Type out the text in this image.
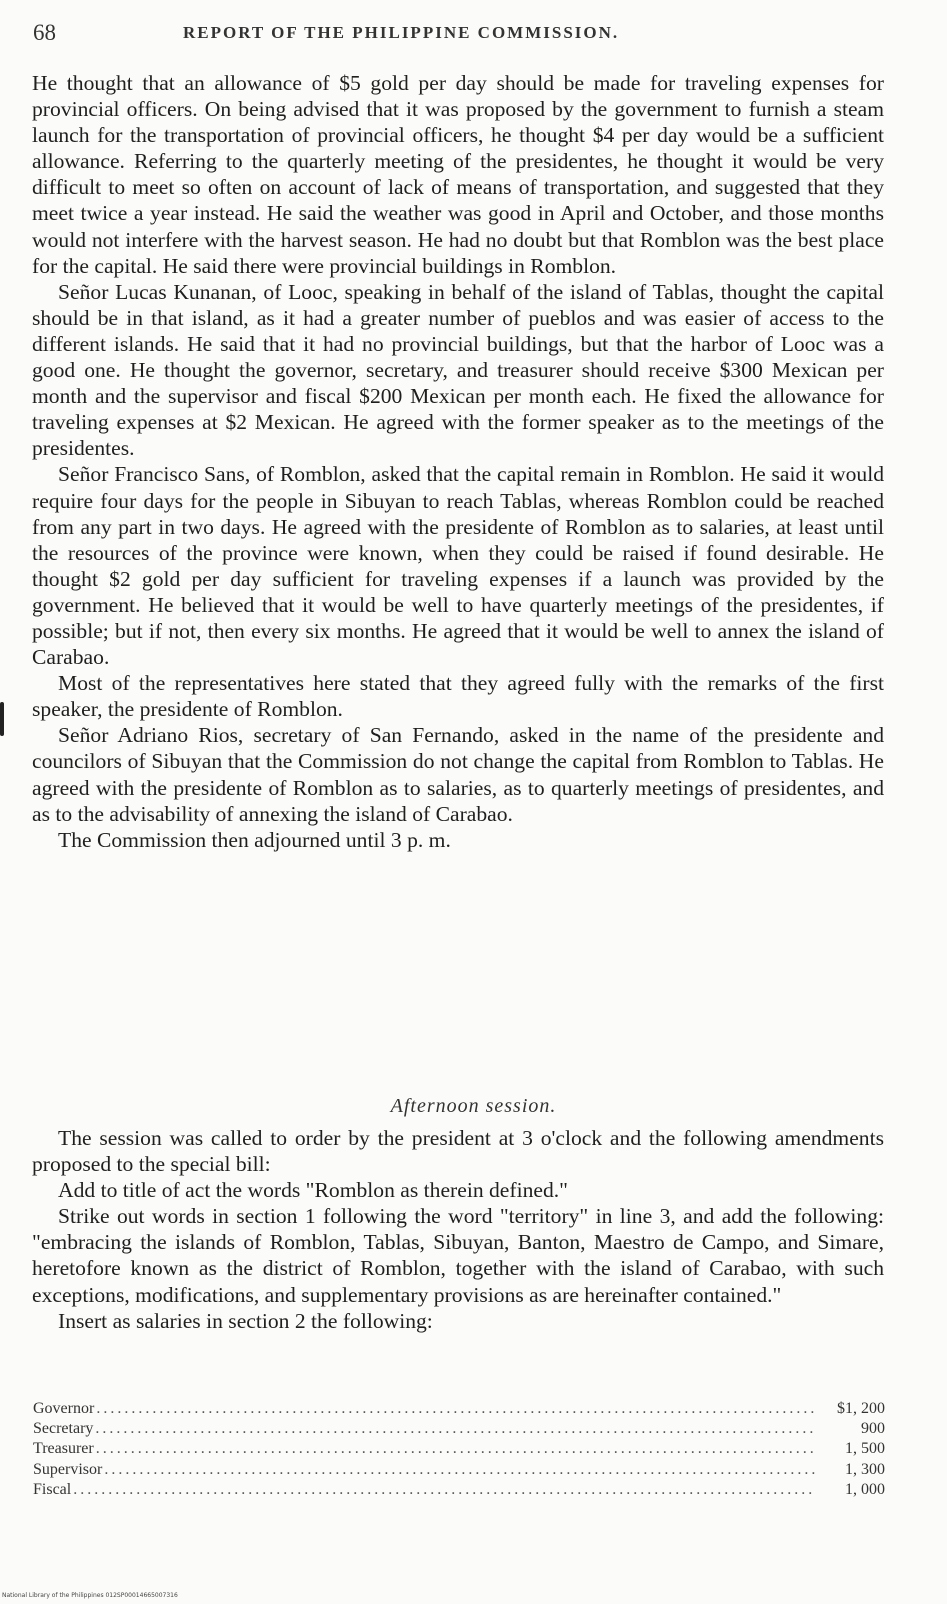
68	REPORT OF THE PHILIPPINE COMMISSION.

He thought that an allowance of $5 gold per day should be made for traveling expenses for provincial officers. On being advised that it was proposed by the government to furnish a steam launch for the transportation of provincial officers, he thought $4 per day would be a sufficient allowance. Referring to the quarterly meeting of the presidentes, he thought it would be very difficult to meet so often on account of lack of means of transportation, and suggested that they meet twice a year instead. He said the weather was good in April and October, and those months would not interfere with the harvest season. He had no doubt but that Romblon was the best place for the capital. He said there were provincial buildings in Romblon.

Señor Lucas Kunanan, of Looc, speaking in behalf of the island of Tablas, thought the capital should be in that island, as it had a greater number of pueblos and was easier of access to the different islands. He said that it had no provincial buildings, but that the harbor of Looc was a good one. He thought the governor, secretary, and treasurer should receive $300 Mexican per month and the supervisor and fiscal $200 Mexican per month each. He fixed the allowance for traveling expenses at $2 Mexican. He agreed with the former speaker as to the meetings of the presidentes.

Señor Francisco Sans, of Romblon, asked that the capital remain in Romblon. He said it would require four days for the people in Sibuyan to reach Tablas, whereas Romblon could be reached from any part in two days. He agreed with the presidente of Romblon as to salaries, at least until the resources of the province were known, when they could be raised if found desirable. He thought $2 gold per day sufficient for traveling expenses if a launch was provided by the government. He believed that it would be well to have quarterly meetings of the presidentes, if possible; but if not, then every six months. He agreed that it would be well to annex the island of Carabao.

Most of the representatives here stated that they agreed fully with the remarks of the first speaker, the presidente of Romblon.

Señor Adriano Rios, secretary of San Fernando, asked in the name of the presidente and councilors of Sibuyan that the Commission do not change the capital from Romblon to Tablas. He agreed with the presidente of Romblon as to salaries, as to quarterly meetings of presidentes, and as to the advisability of annexing the island of Carabao.

The Commission then adjourned until 3 p. m.

Afternoon session.

The session was called to order by the president at 3 o'clock and the following amendments proposed to the special bill:

Add to title of act the words "Romblon as therein defined."

Strike out words in section 1 following the word "territory" in line 3, and add the following: "embracing the islands of Romblon, Tablas, Sibuyan, Banton, Maestro de Campo, and Simare, heretofore known as the district of Romblon, together with the island of Carabao, with such exceptions, modifications, and supplementary provisions as are hereinafter contained."

Insert as salaries in section 2 the following:

Governor .....	$1, 200
Secretary .....	900
Treasurer .....	1, 500
Supervisor .....	1, 300
Fiscal .....	1, 000
National Library of the Philippines 012SP00014665007316
